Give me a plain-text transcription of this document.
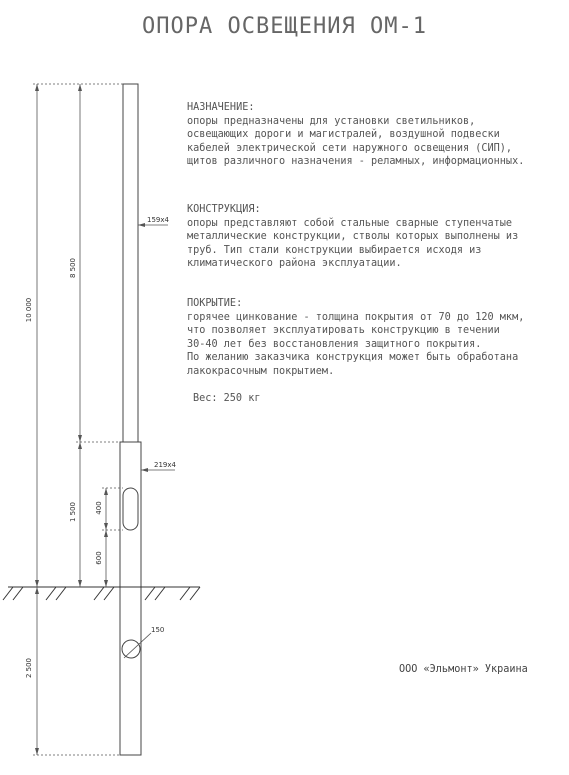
ОПОРА ОСВЕЩЕНИЯ ОМ-1
НАЗНАЧЕНИЕ:
опоры предназначены для установки светильников,
освещающих дороги и магистралей, воздушной подвески
кабелей электрической сети наружного освещения (СИП),
щитов различного назначения - реламных, информационных.
КОНСТРУКЦИЯ:
опоры представляют собой стальные сварные ступенчатые
металлические конструкции, стволы которых выполнены из
труб. Тип стали конструкции выбирается исходя из
климатического района эксплуатации.
ПОКРЫТИЕ:
горячее цинкование - толщина покрытия от 70 до 120 мкм,
что позволяет эксплуатировать конструкцию в течении
30-40 лет без восстановления защитного покрытия.
По желанию заказчика конструкция может быть обработана
лакокрасочным покрытием.
Вес: 250 кг
ООО «Эльмонт» Украина
10 000
8 500
1 500	400
600
2 500
159x4
219x4
150
